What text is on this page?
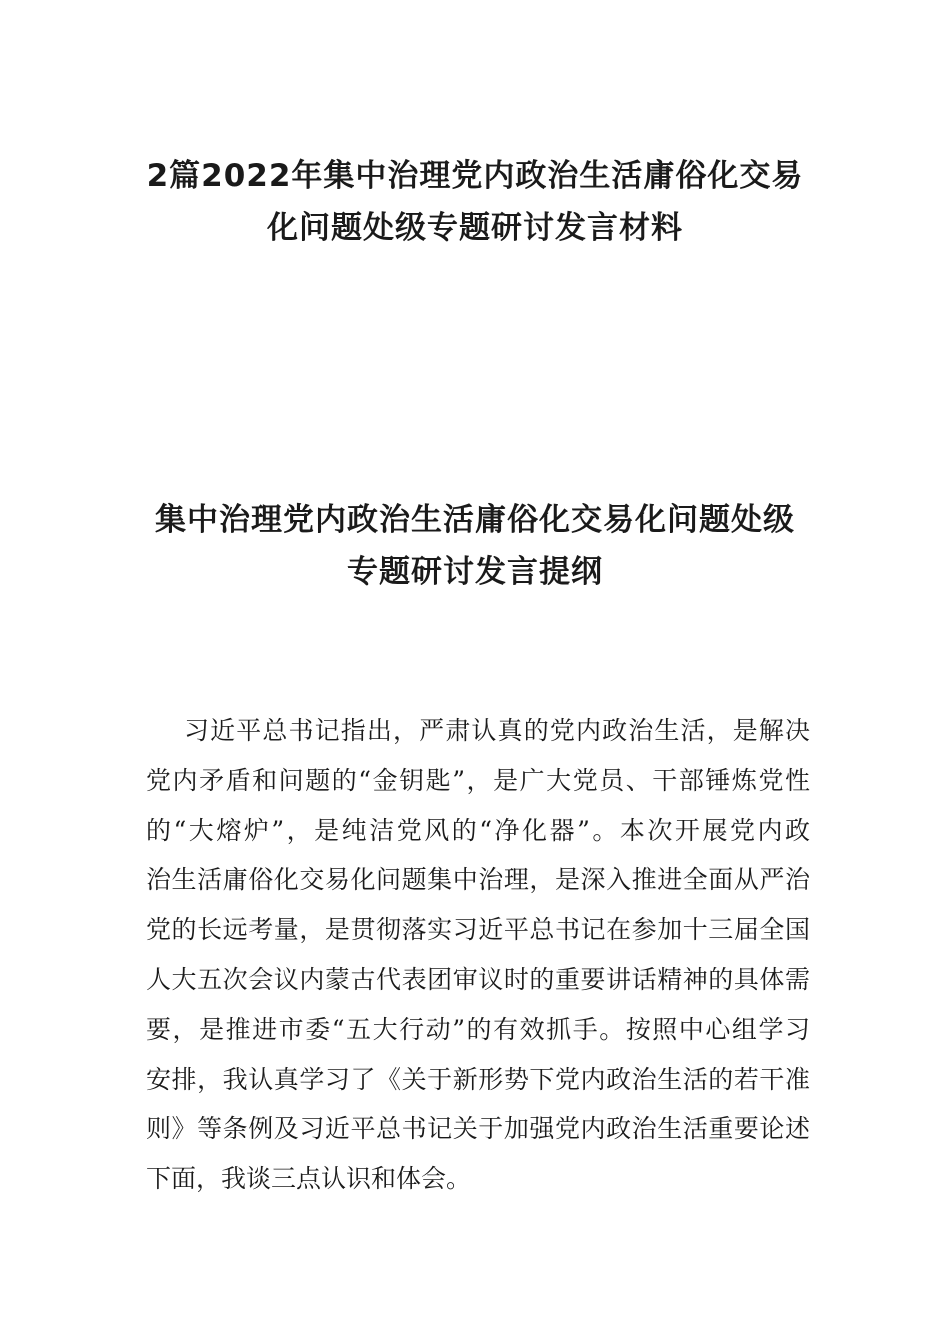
2篇2022年集中治理党内政治生活庸俗化交易
化问题处级专题研讨发言材料
集中治理党内政治生活庸俗化交易化问题处级
专题研讨发言提纲
习近平总书记指出，严肃认真的党内政治生活，是解决
党内矛盾和问题的“金钥匙”，是广大党员、干部锤炼党性
的“大熔炉”，是纯洁党风的“净化器”。本次开展党内政
治生活庸俗化交易化问题集中治理，是深入推进全面从严治
党的长远考量，是贯彻落实习近平总书记在参加十三届全国
人大五次会议内蒙古代表团审议时的重要讲话精神的具体需
要，是推进市委“五大行动”的有效抓手。按照中心组学习
安排，我认真学习了《关于新形势下党内政治生活的若干准
则》等条例及习近平总书记关于加强党内政治生活重要论述
下面，我谈三点认识和体会。
